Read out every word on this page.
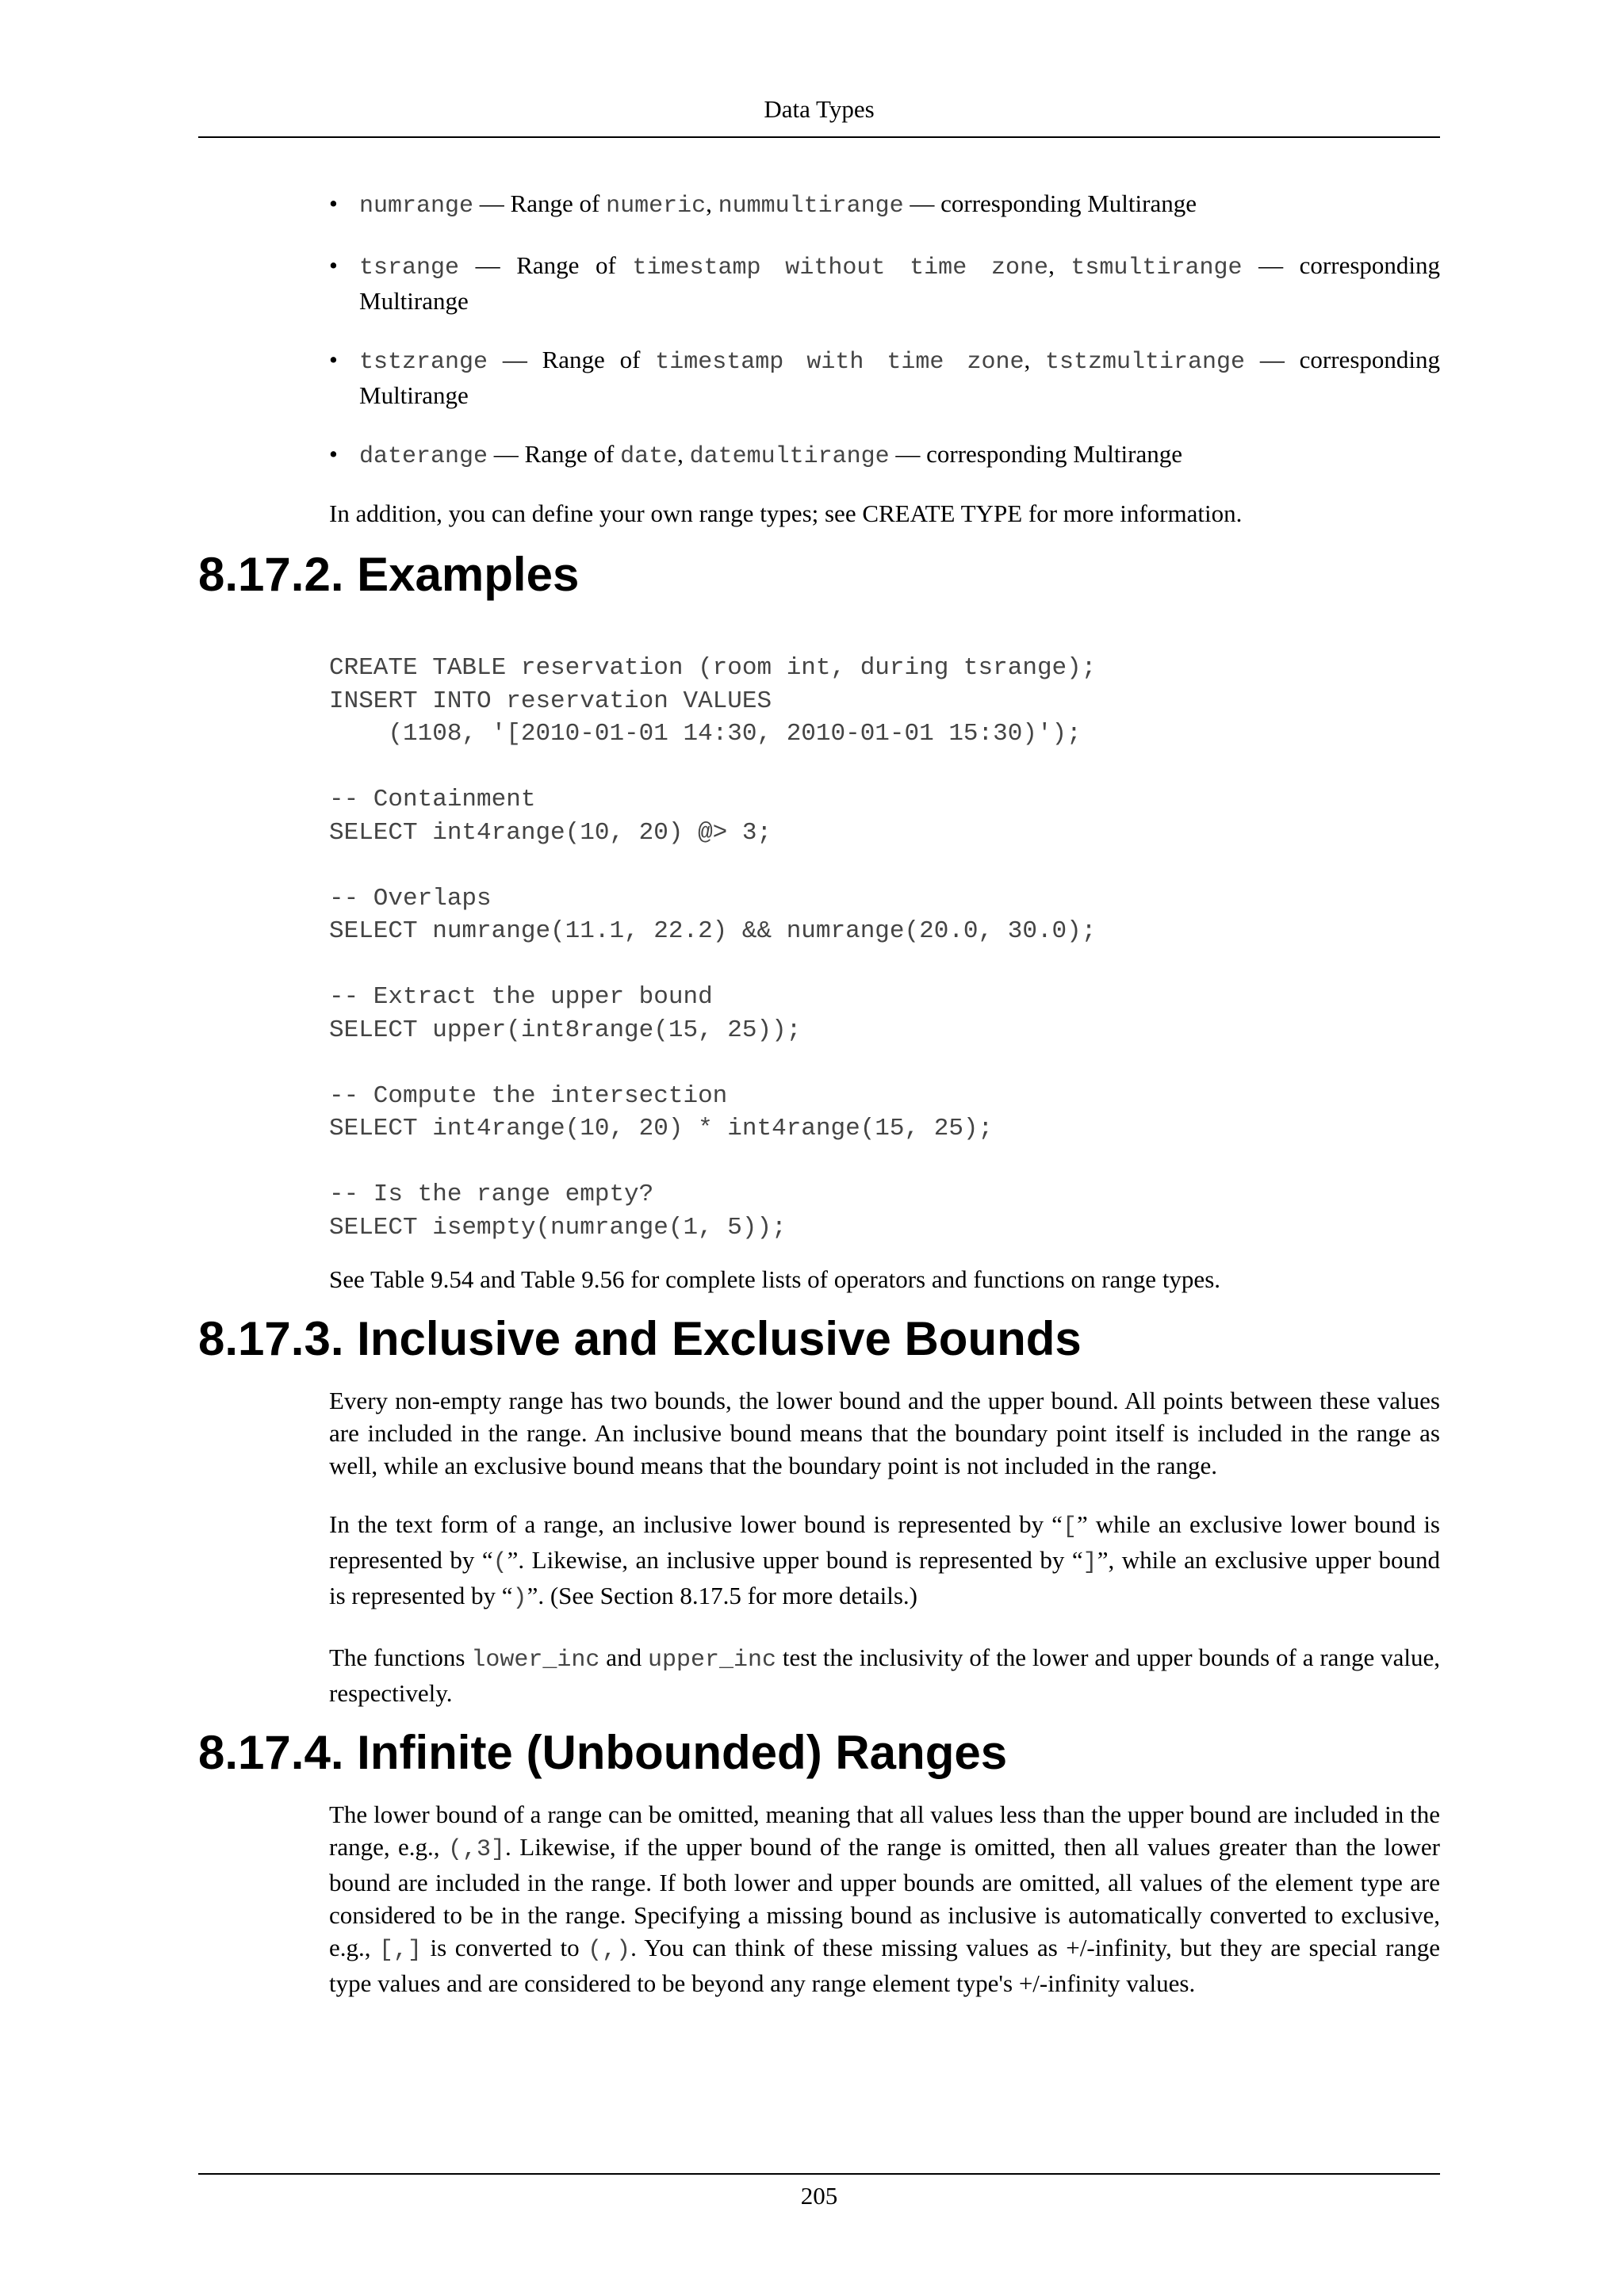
Data Types
• numrange — Range of numeric, nummultirange — corresponding Multirange
• tsrange — Range of timestamp without time zone, tsmultirange — corresponding Multirange
• tstzrange — Range of timestamp with time zone, tstzmultirange — corresponding Multirange
• daterange — Range of date, datemultirange — corresponding Multirange

In addition, you can define your own range types; see CREATE TYPE for more information.

8.17.2. Examples
CREATE TABLE reservation (room int, during tsrange);
INSERT INTO reservation VALUES
(1108, '[2010-01-01 14:30, 2010-01-01 15:30)');

-- Containment
SELECT int4range(10, 20) @> 3;

-- Overlaps
SELECT numrange(11.1, 22.2) && numrange(20.0, 30.0);

-- Extract the upper bound
SELECT upper(int8range(15, 25));

-- Compute the intersection
SELECT int4range(10, 20) * int4range(15, 25);

-- Is the range empty?
SELECT isempty(numrange(1, 5));

See Table 9.54 and Table 9.56 for complete lists of operators and functions on range types.

8.17.3. Inclusive and Exclusive Bounds

Every non-empty range has two bounds, the lower bound and the upper bound. All points between these values are included in the range. An inclusive bound means that the boundary point itself is included in the range as well, while an exclusive bound means that the boundary point is not included in the range.

In the text form of a range, an inclusive lower bound is represented by “[” while an exclusive lower bound is represented by “(”. Likewise, an inclusive upper bound is represented by “]”, while an exclusive upper bound is represented by “)”. (See Section 8.17.5 for more details.)

The functions lower_inc and upper_inc test the inclusivity of the lower and upper bounds of a range value, respectively.

8.17.4. Infinite (Unbounded) Ranges

The lower bound of a range can be omitted, meaning that all values less than the upper bound are included in the range, e.g., (,3]. Likewise, if the upper bound of the range is omitted, then all values greater than the lower bound are included in the range. If both lower and upper bounds are omitted, all values of the element type are considered to be in the range. Specifying a missing bound as inclusive is automatically converted to exclusive, e.g., [,] is converted to (,). You can think of these missing values as +/-infinity, but they are special range type values and are considered to be beyond any range element type's +/-infinity values.

205
